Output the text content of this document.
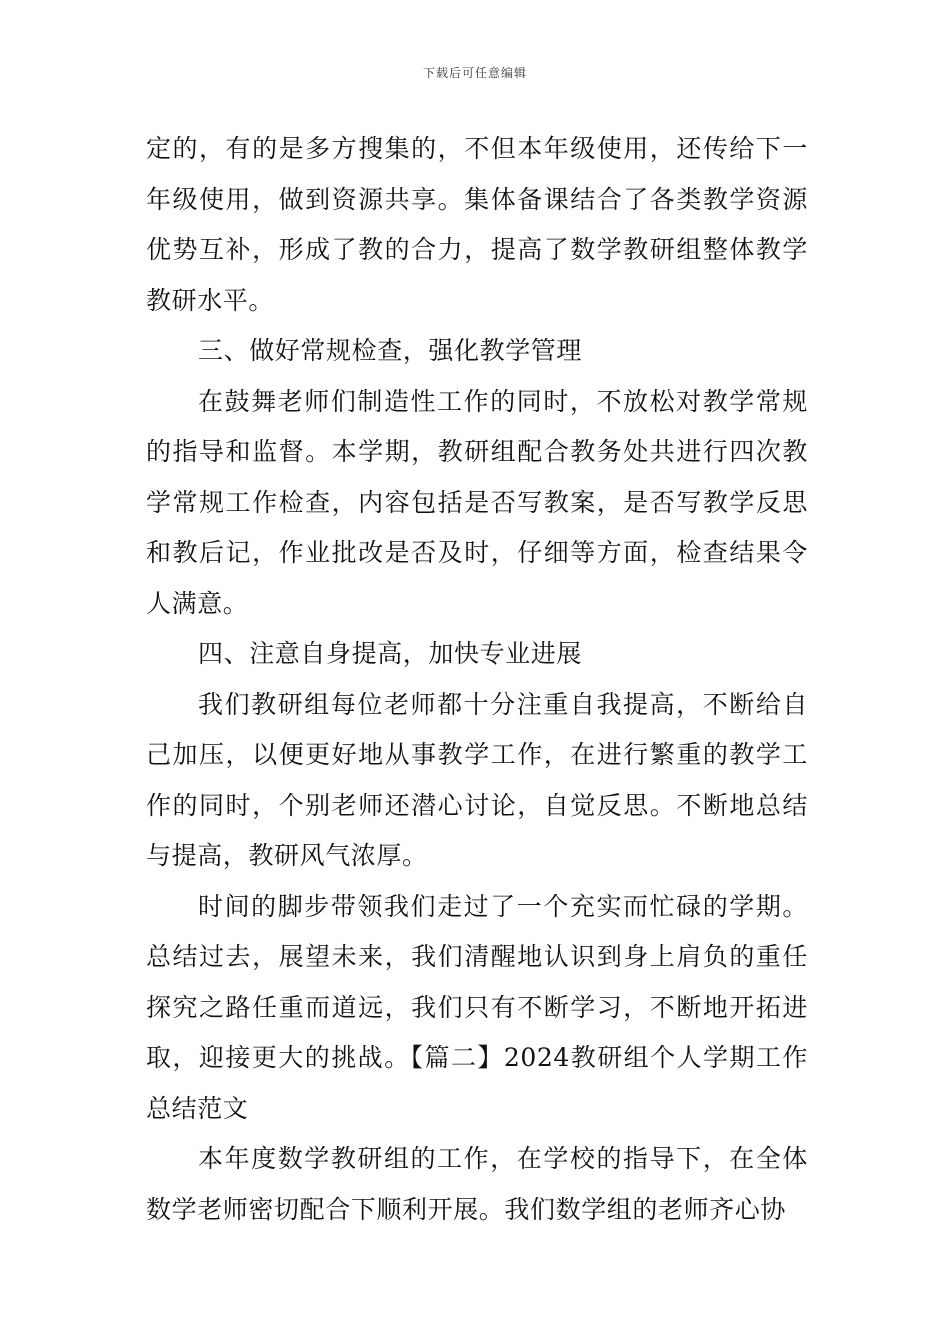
下载后可任意编辑

定的，有的是多方搜集的，不但本年级使用，还传给下一年级使用，做到资源共享。集体备课结合了各类教学资源优势互补，形成了教的合力，提高了数学教研组整体教学教研水平。

三、做好常规检查，强化教学管理

在鼓舞老师们制造性工作的同时，不放松对教学常规的指导和监督。本学期，教研组配合教务处共进行四次教学常规工作检查，内容包括是否写教案，是否写教学反思和教后记，作业批改是否及时，仔细等方面，检查结果令人满意。

四、注意自身提高，加快专业进展

我们教研组每位老师都十分注重自我提高，不断给自己加压，以便更好地从事教学工作，在进行繁重的教学工作的同时，个别老师还潜心讨论，自觉反思。不断地总结与提高，教研风气浓厚。

时间的脚步带领我们走过了一个充实而忙碌的学期。总结过去，展望未来，我们清醒地认识到身上肩负的重任探究之路任重而道远，我们只有不断学习，不断地开拓进取，迎接更大的挑战。【篇二】2024教研组个人学期工作总结范文

本年度数学教研组的工作，在学校的指导下，在全体数学老师密切配合下顺利开展。我们数学组的老师齐心协
